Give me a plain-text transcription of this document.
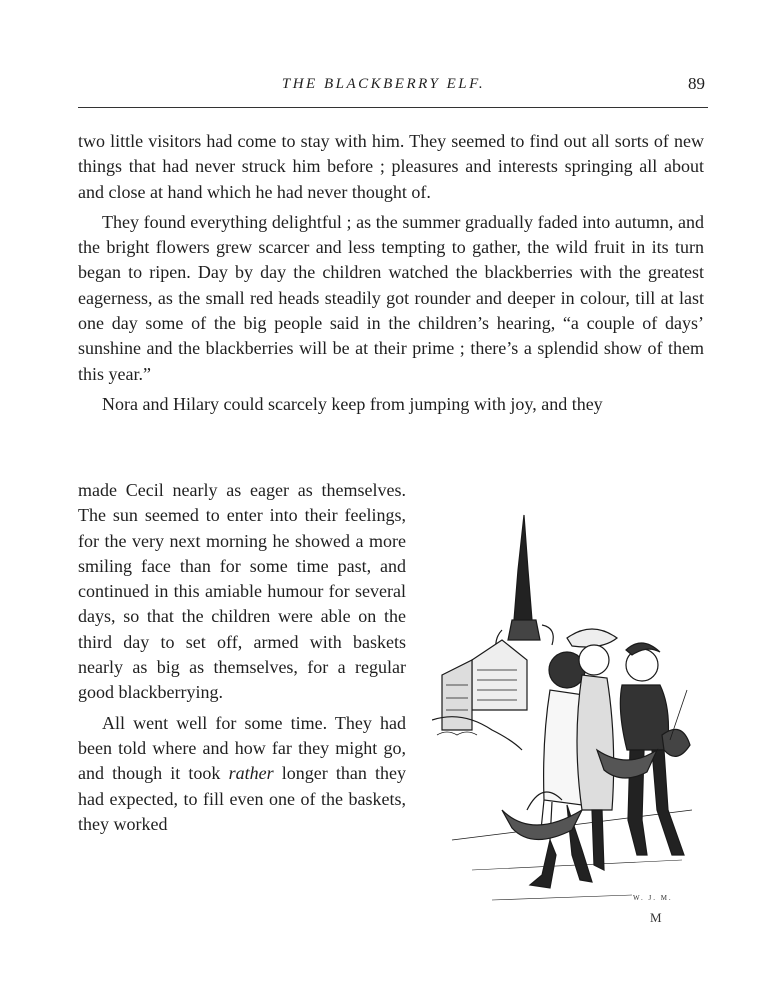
THE BLACKBERRY ELF.	89

two little visitors had come to stay with him. They seemed to find out all sorts of new things that had never struck him before ; pleasures and interests springing all about and close at hand which he had never thought of.

They found everything delightful ; as the summer gradually faded into autumn, and the bright flowers grew scarcer and less tempting to gather, the wild fruit in its turn began to ripen. Day by day the children watched the blackberries with the greatest eagerness, as the small red heads steadily got rounder and deeper in colour, till at last one day some of the big people said in the children’s hearing, “a couple of days’ sunshine and the blackberries will be at their prime ; there’s a splendid show of them this year.”

Nora and Hilary could scarcely keep from jumping with joy, and they

made Cecil nearly as eager as themselves. The sun seemed to enter into their feelings, for the very next morning he showed a more smiling face than for some time past, and continued in this amiable humour for several days, so that the children were able on the third day to set off, armed with baskets nearly as big as themselves, for a regular good blackberrying.

All went well for some time. They had been told where and how far they might go, and though it took rather longer than they had expected, to fill even one of the baskets, they worked

W. J. M.
M
